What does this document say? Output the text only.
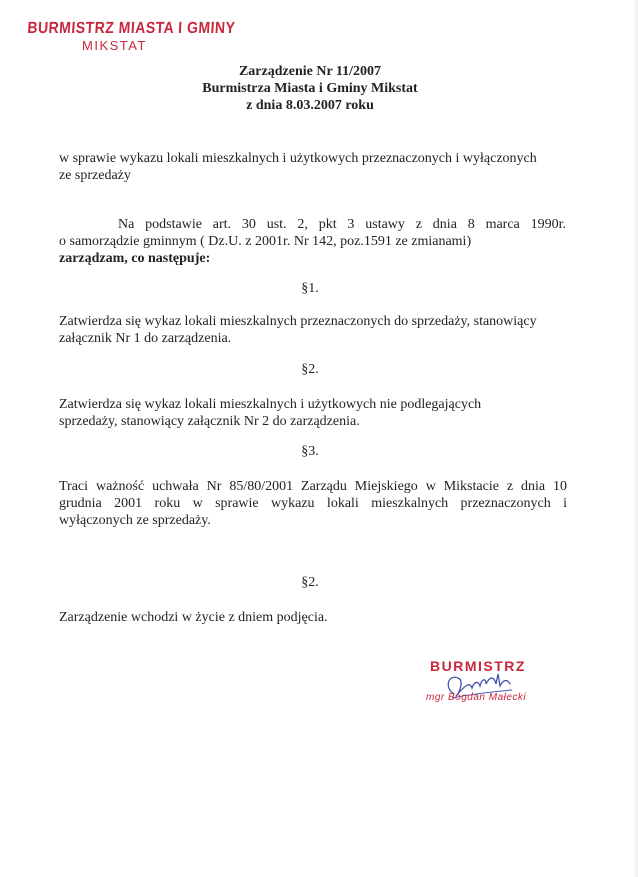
BURMISTRZ MIASTA I GMINY
MIKSTAT
Zarządzenie Nr 11/2007
Burmistrza Miasta i Gminy Mikstat
z dnia 8.03.2007 roku
w sprawie wykazu lokali mieszkalnych i użytkowych przeznaczonych i wyłączonych
ze sprzedaży
Na podstawie art. 30 ust. 2, pkt 3 ustawy z dnia 8 marca 1990r.
o samorządzie gminnym ( Dz.U. z 2001r. Nr 142, poz.1591 ze zmianami)
zarządzam, co następuje:
§1.
Zatwierdza się wykaz lokali mieszkalnych przeznaczonych do sprzedaży, stanowiący
załącznik Nr 1 do zarządzenia.
§2.
Zatwierdza się wykaz lokali mieszkalnych i użytkowych nie podlegających
sprzedaży, stanowiący załącznik Nr 2 do zarządzenia.
§3.
Traci ważność uchwała Nr 85/80/2001 Zarządu Miejskiego w Mikstacie z dnia 10
grudnia 2001 roku w sprawie wykazu lokali mieszkalnych przeznaczonych i
wyłączonych ze sprzedaży.
§2.
Zarządzenie wchodzi w życie z dniem podjęcia.
BURMISTRZ
mgr Bogdan Małecki
